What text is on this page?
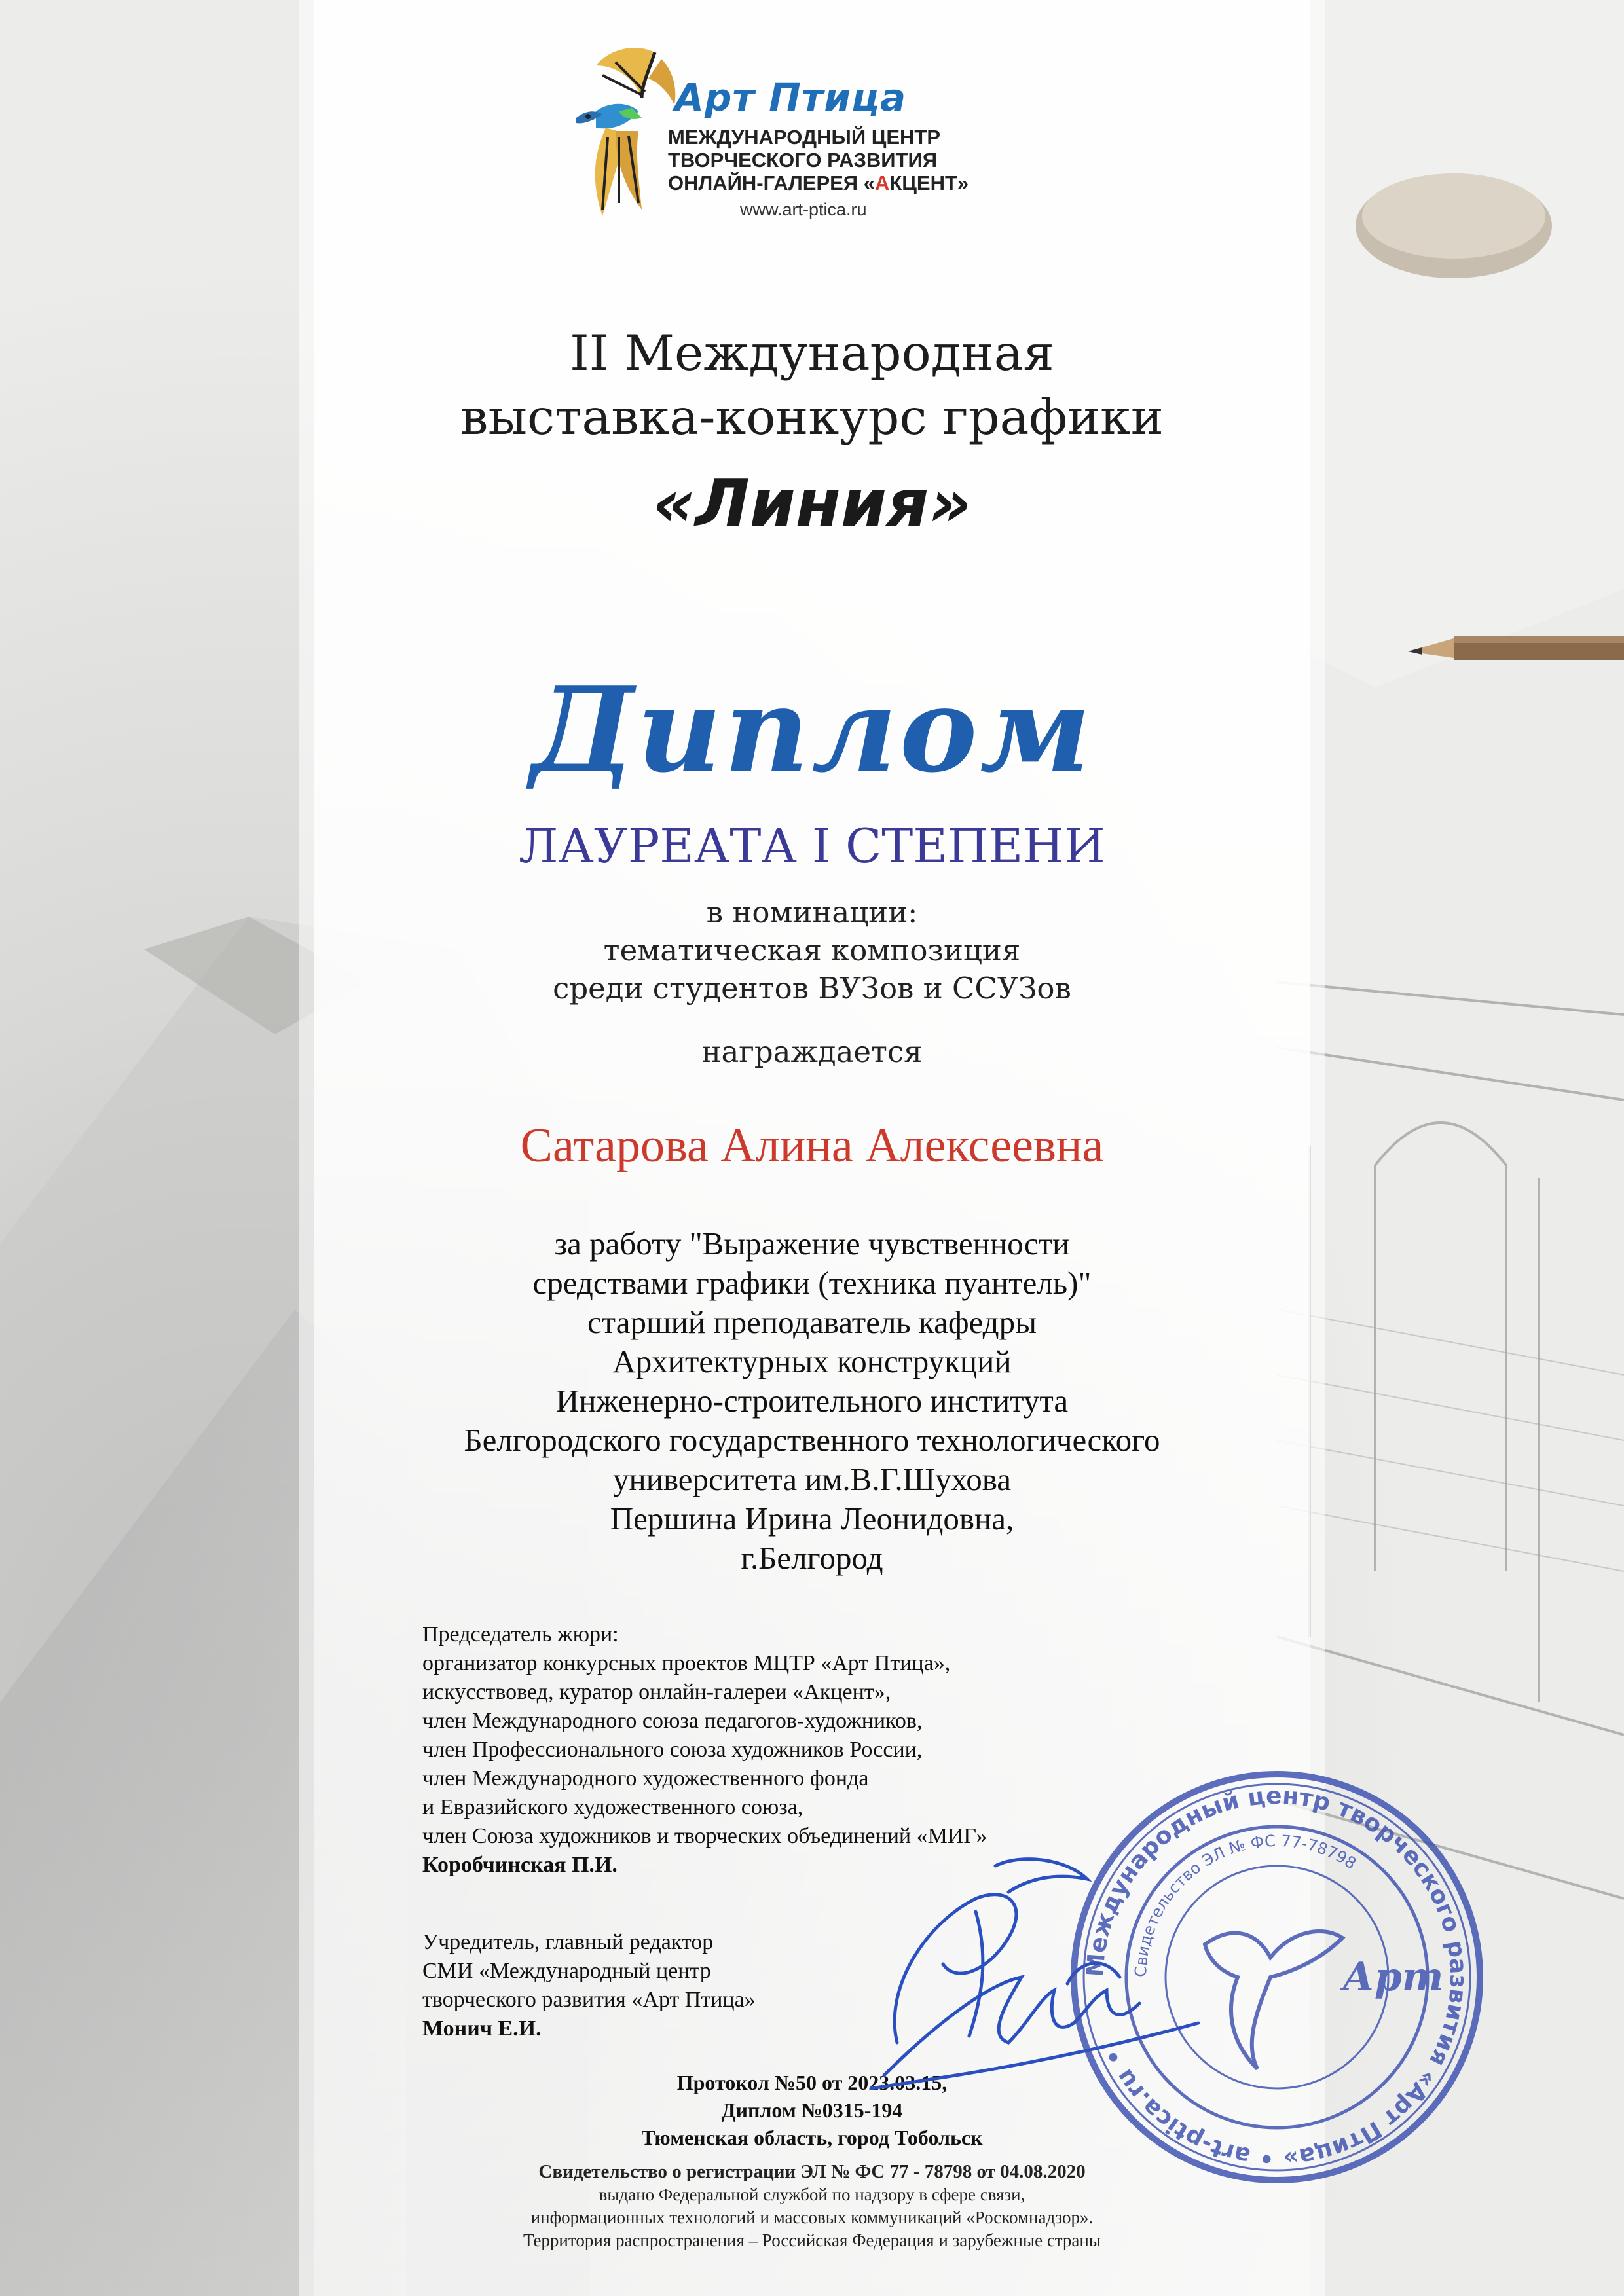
Арт Птица
МЕЖДУНАРОДНЫЙ ЦЕНТР
ТВОРЧЕСКОГО РАЗВИТИЯ
ОНЛАЙН-ГАЛЕРЕЯ «АКЦЕНТ»
www.art-ptica.ru
II Международная
выставка-конкурс графики
«Линия»
Диплом
ЛАУРЕАТА I СТЕПЕНИ
в номинации:
тематическая композиция
среди студентов ВУЗов и ССУЗов
награждается
Сатарова Алина Алексеевна
за работу "Выражение чувственности
средствами графики (техника пуантель)"
старший преподаватель кафедры
Архитектурных конструкций
Инженерно-строительного института
Белгородского государственного технологического
университета им.В.Г.Шухова
Першина Ирина Леонидовна,
г.Белгород
Председатель жюри:
организатор конкурсных проектов МЦТР «Арт Птица»,
искусствовед, куратор онлайн-галереи «Акцент»,
член Международного союза педагогов-художников,
член Профессионального союза художников России,
член Международного художественного фонда
и Евразийского художественного союза,
член Союза художников и творческих объединений «МИГ»
Коробчинская П.И.
Учредитель, главный редактор
СМИ «Международный центр
творческого развития «Арт Птица»
Монич Е.И.
Протокол №50 от 2023.03.15,
Диплом №0315-194
Тюменская область, город Тобольск
Свидетельство о регистрации ЭЛ № ФС 77 - 78798 от 04.08.2020
выдано Федеральной службой по надзору в сфере связи,
информационных технологий и массовых коммуникаций «Роскомнадзор».
Территория распространения – Российская Федерация и зарубежные страны
Международный центр творческого развития «Арт Птица» • art-ptica.ru •
Свидетельство ЭЛ № ФС 77-78798
Арт
